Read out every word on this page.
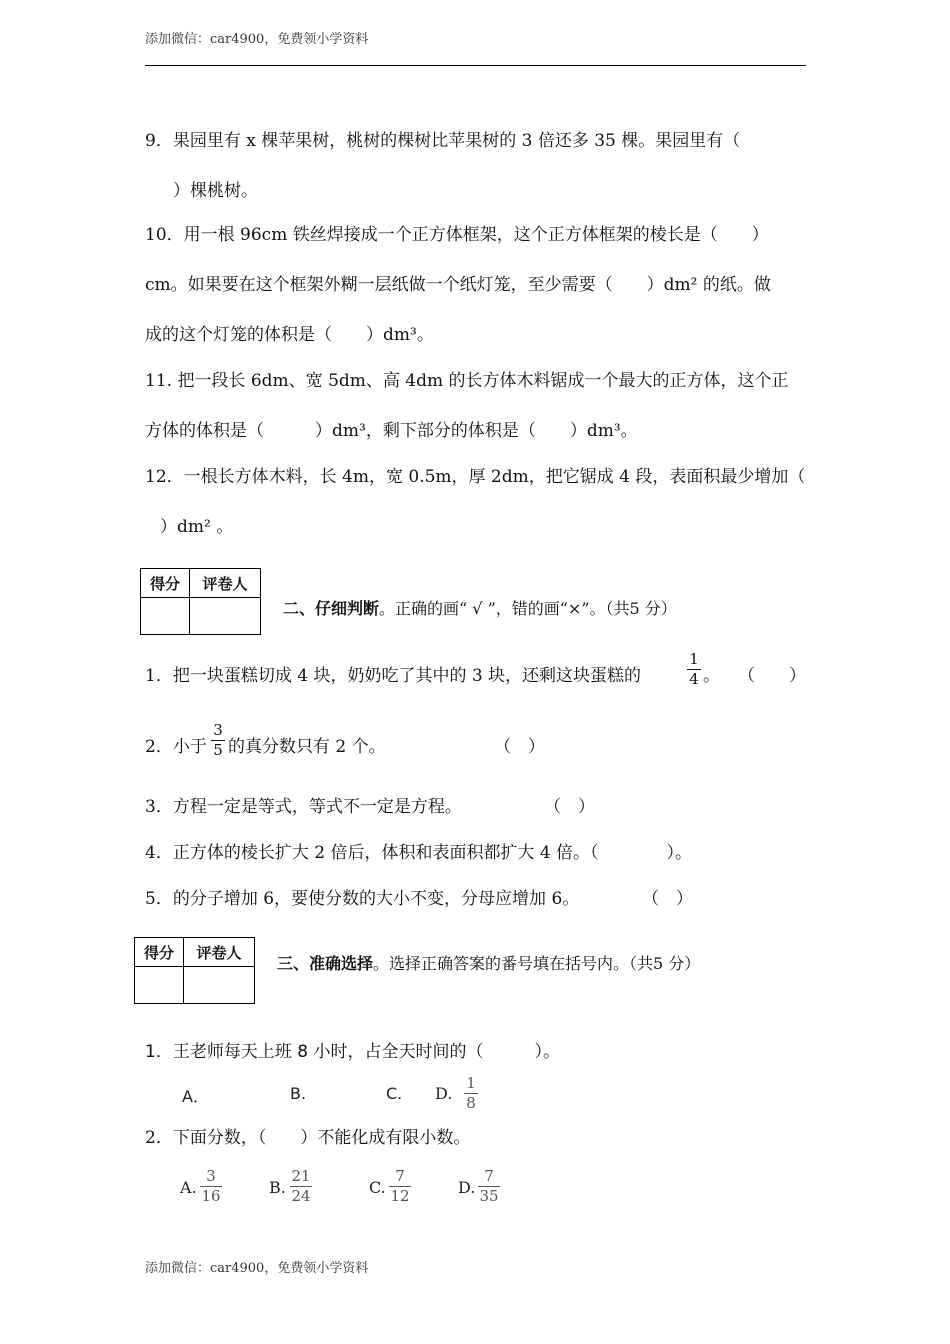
添加微信：car4900，免费领小学资料
9．果园里有 x 棵苹果树，桃树的棵树比苹果树的 3 倍还多 35 棵。果园里有（
）棵桃树。
10．用一根 96cm 铁丝焊接成一个正方体框架，这个正方体框架的棱长是（　　）
cm。如果要在这个框架外糊一层纸做一个纸灯笼，至少需要（　　）dm² 的纸。做
成的这个灯笼的体积是（　　）dm³。
11. 把一段长 6dm、宽 5dm、高 4dm 的长方体木料锯成一个最大的正方体，这个正
方体的体积是（　　　）dm³，剩下部分的体积是（　　）dm³。
12．一根长方体木料，长 4m，宽 0.5m，厚 2dm，把它锯成 4 段，表面积最少增加（
）dm² 。
得分	评卷人

二、仔细判断。正确的画“ √ ”，错的画“×”。（共5 分）
1．把一块蛋糕切成 4 块，奶奶吃了其中的 3 块，还剩这块蛋糕的
1
4 。 （　　）
2．小于
3
5 的真分数只有 2 个。	（　）
3．方程一定是等式，等式不一定是方程。	（　）
4．正方体的棱长扩大 2 倍后，体积和表面积都扩大 4 倍。（　　　　）。
5．的分子增加 6，要使分数的大小不变，分母应增加 6。	（　）
得分	评卷人

三、准确选择。选择正确答案的番号填在括号内。（共5 分）
1．王老师每天上班 8 小时，占全天时间的（　　　）。
A．	B.	C. D.
1
8
2．下面分数，（　　）不能化成有限小数。
A.
3
16	B.
21
24	C.
7
12	D.
7
35
添加微信：car4900，免费领小学资料
